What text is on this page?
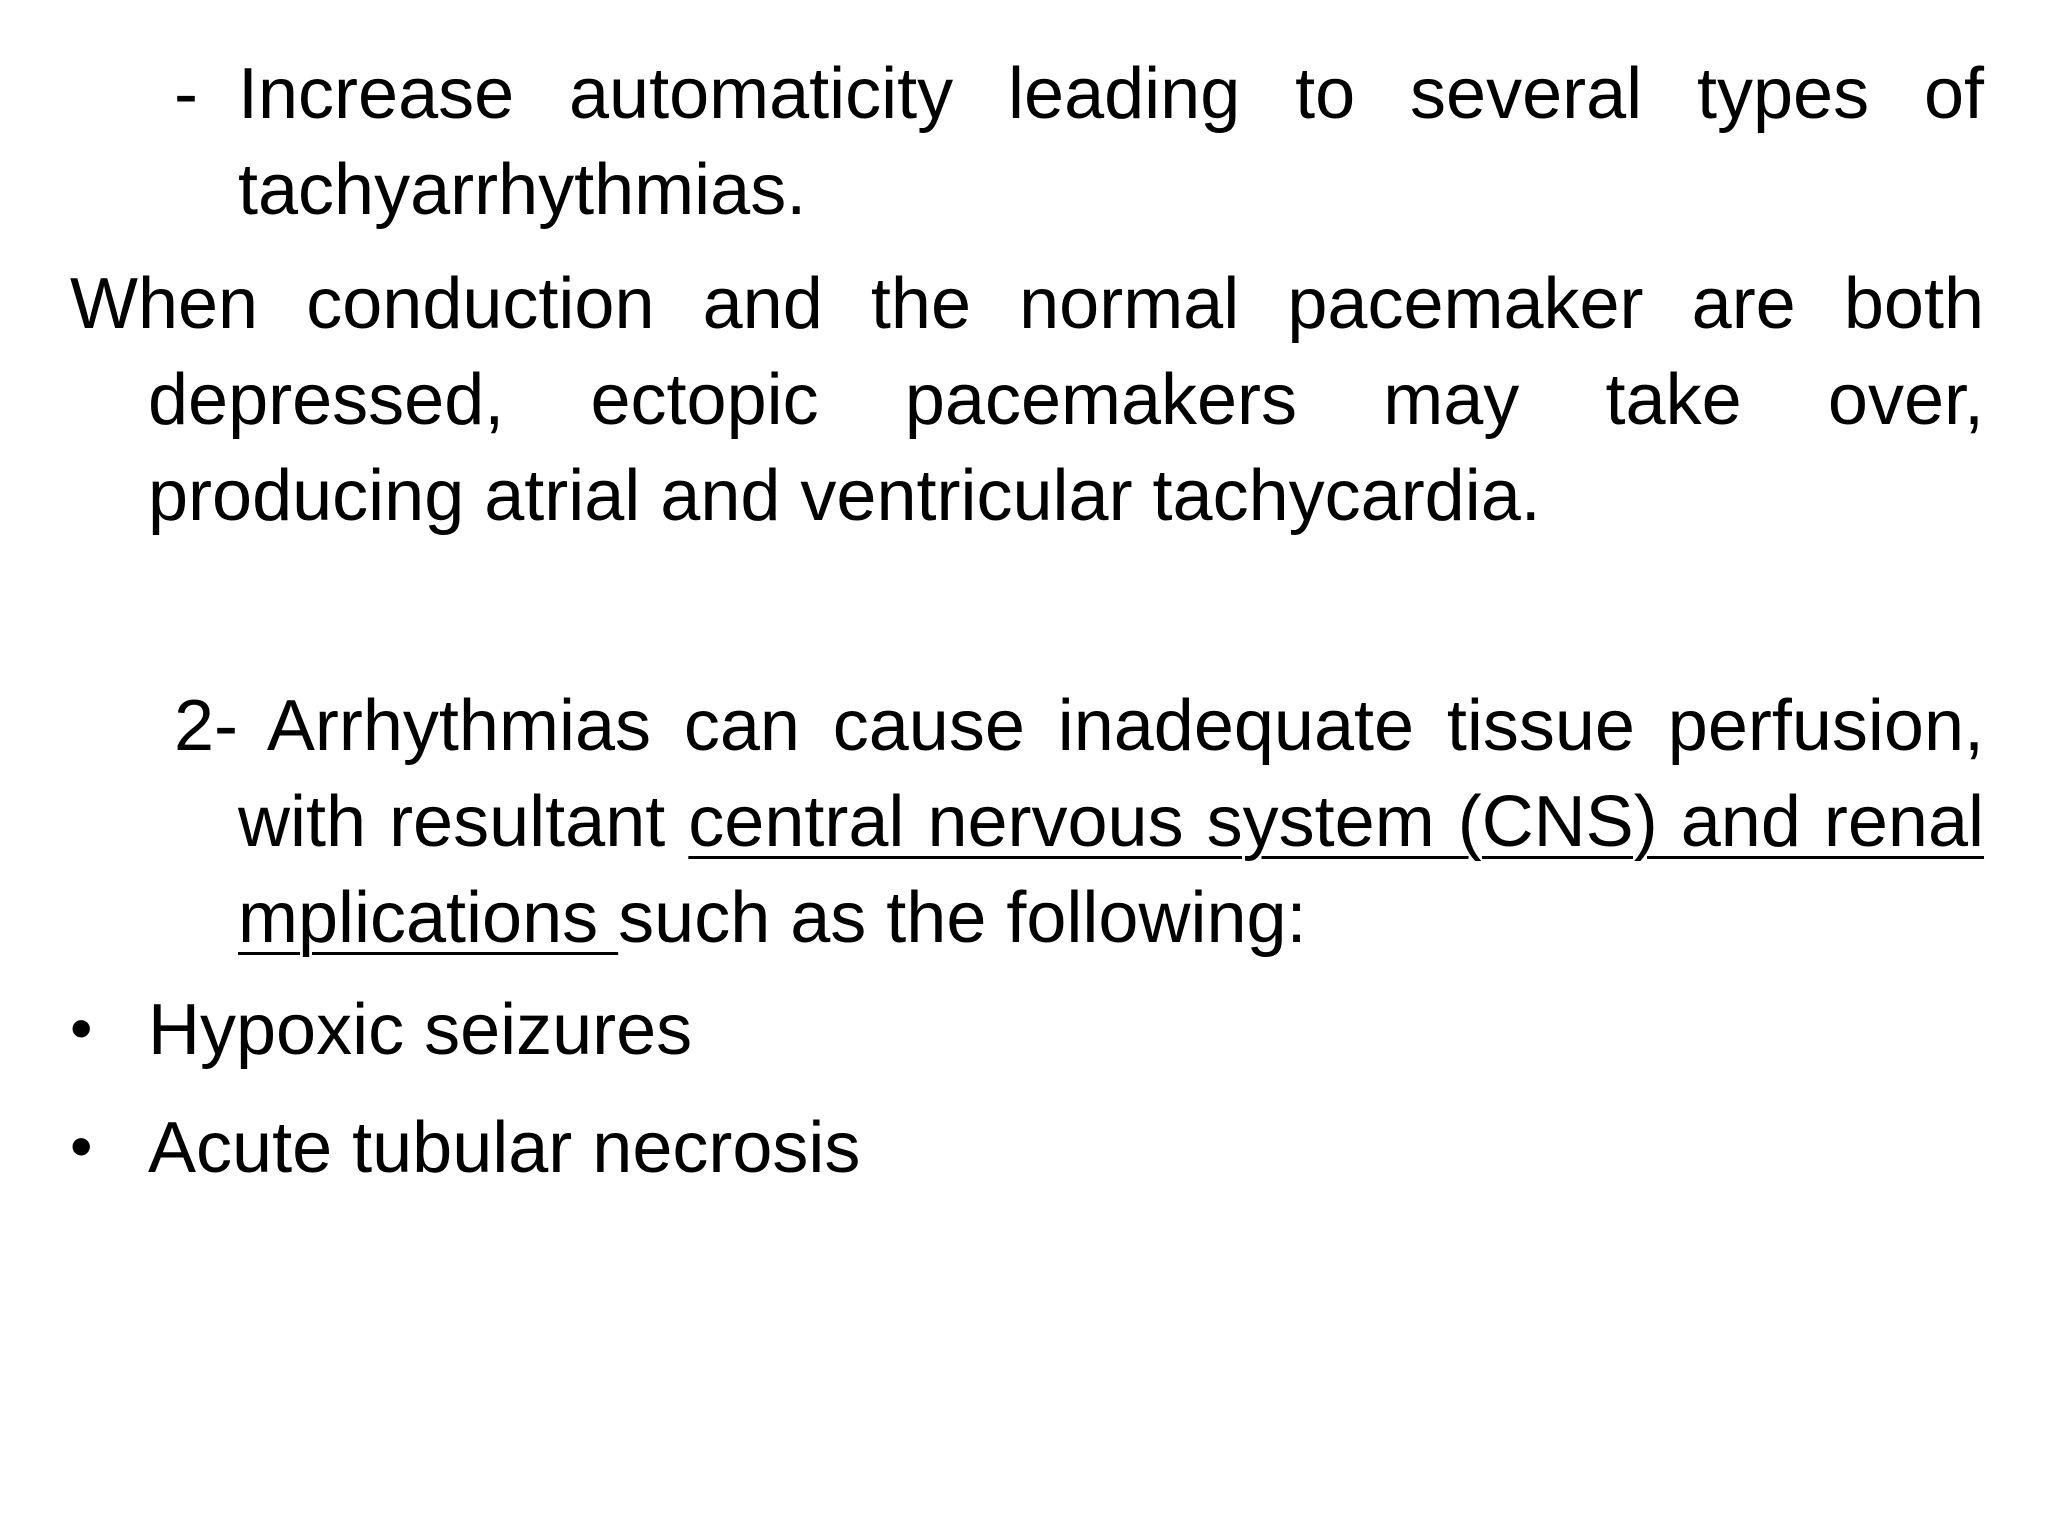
- Increase automaticity leading to several types of tachyarrhythmias.
When conduction and the normal pacemaker are both depressed, ectopic pacemakers may take over, producing atrial and ventricular tachycardia.
2- Arrhythmias can cause inadequate tissue perfusion, with resultant central nervous system (CNS) and renal mplications such as the following:
• Hypoxic seizures
• Acute tubular necrosis
